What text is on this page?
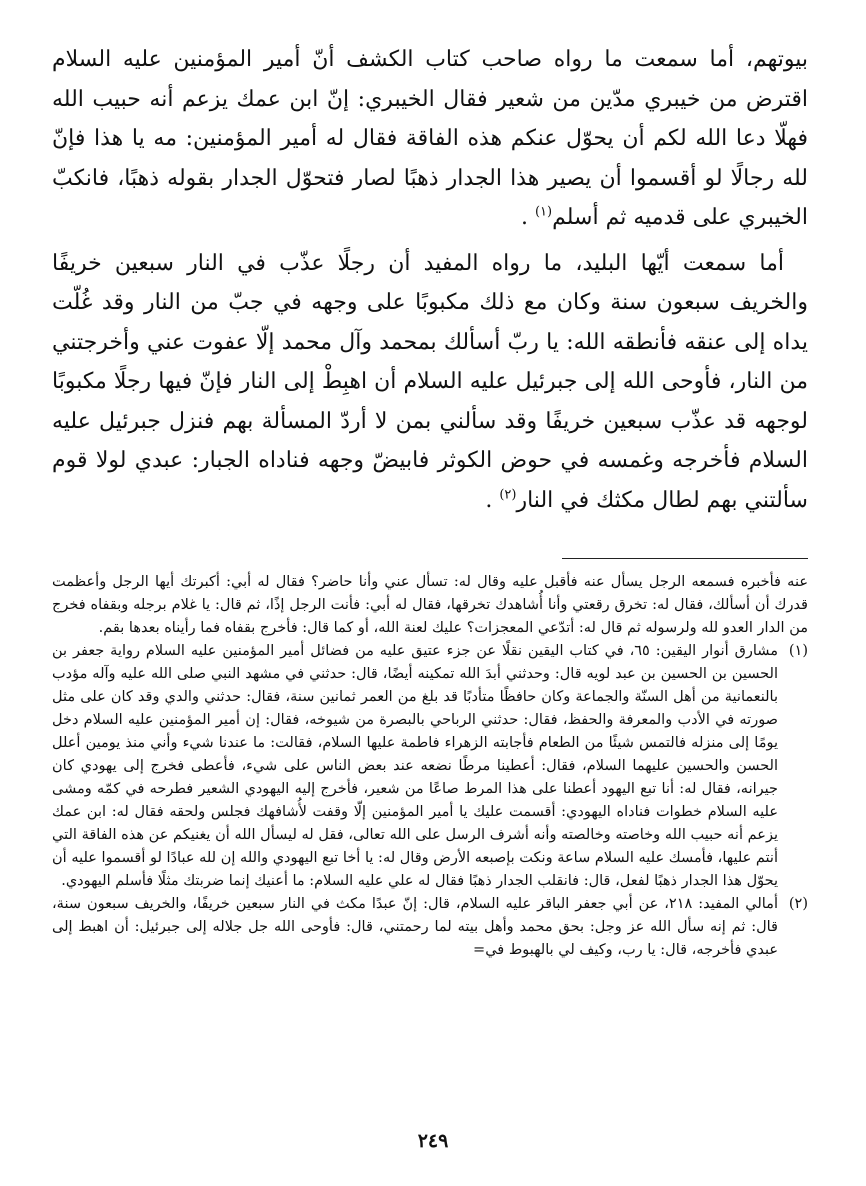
بيوتهم، أما سمعت ما رواه صاحب كتاب الكشف أنّ أمير المؤمنين عليه السلام اقترض من خيبري مدّين من شعير فقال الخيبري: إنّ ابن عمك يزعم أنه حبيب الله فهلّا دعا الله لكم أن يحوّل عنكم هذه الفاقة فقال له أمير المؤمنين: مه يا هذا فإنّ لله رجالًا لو أقسموا أن يصير هذا الجدار ذهبًا لصار فتحوّل الجدار بقوله ذهبًا، فانكبّ الخيبري على قدميه ثم أسلم$^{(١)}$ .

أما سمعت أيّها البليد، ما رواه المفيد أن رجلًا عذّب في النار سبعين خريفًا والخريف سبعون سنة وكان مع ذلك مكبوبًا على وجهه في جبّ من النار وقد غُلّت يداه إلى عنقه فأنطقه الله: يا ربّ أسألك بمحمد وآل محمد إلّا عفوت عني وأخرجتني من النار، فأوحى الله إلى جبرئيل عليه السلام أن اهبِطْ إلى النار فإنّ فيها رجلًا مكبوبًا لوجهه قد عذّب سبعين خريفًا وقد سألني بمن لا أردّ المسألة بهم فنزل جبرئيل عليه السلام فأخرجه وغمسه في حوض الكوثر فابيضّ وجهه فناداه الجبار: عبدي لولا قوم سألتني بهم لطال مكثك في النار$^{(٢)}$ .

عنه فأخبره فسمعه الرجل يسأل عنه فأقبل عليه وقال له: تسأل عني وأنا حاضر؟ فقال له أبي: أكبرتك أيها الرجل وأعظمت قدرك أن أسألك، فقال له: تخرق رقعتي وأنا أُشاهدك تخرقها، فقال له أبي: فأنت الرجل إذًا، ثم قال: يا غلام برجله وبقفاه فخرج من الدار العدو لله ولرسوله ثم قال له: أتدّعي المعجزات؟ عليك لعنة الله، أو كما قال: فأخرج بقفاه فما رأيناه بعدها بقم.

(١)

مشارق أنوار اليقين: ٦٥، في كتاب اليقين نقلًا عن جزء عتيق عليه من فضائل أمير المؤمنين عليه السلام رواية جعفر بن الحسين بن الحسين بن عبد لويه قال: وحدثني أبدَ الله تمكينه أيضًا، قال: حدثني في مشهد النبي صلى الله عليه وآله مؤدب بالنعمانية من أهل السنّة والجماعة وكان حافظًا متأدبًا قد بلغ من العمر ثمانين سنة، فقال: حدثني والدي وقد كان على مثل صورته في الأدب والمعرفة والحفظ، فقال: حدثني الرباحي بالبصرة من شيوخه، فقال: إن أمير المؤمنين عليه السلام دخل يومًا إلى منزله فالتمس شيئًا من الطعام فأجابته الزهراء فاطمة عليها السلام، فقالت: ما عندنا شيء وأني منذ يومين أعلل الحسن والحسين عليهما السلام، فقال: أعطينا مرطًا نضعه عند بعض الناس على شيء، فأعطى فخرج إلى يهودي كان جيرانه، فقال له: أنا تبع اليهود أعطنا على هذا المرط صاعًا من شعير، فأخرج إليه اليهودي الشعير فطرحه في كمّه ومشى عليه السلام خطوات فناداه اليهودي: أقسمت عليك يا أمير المؤمنين إلّا وقفت لأُشافهك فجلس ولحقه فقال له: ابن عمك يزعم أنه حبيب الله وخاصته وخالصته وأنه أشرف الرسل على الله تعالى، فقل له ليسأل الله أن يغنيكم عن هذه الفاقة التي أنتم عليها، فأمسك عليه السلام ساعة ونكت بإصبعه الأرض وقال له: يا أخا تبع اليهودي والله إن لله عبادًا لو أقسموا عليه أن يحوّل هذا الجدار ذهبًا لفعل، قال: فانقلب الجدار ذهبًا فقال له علي عليه السلام: ما أعنيك إنما ضربتك مثلًا فأسلم اليهودي.

(٢)

أمالي المفيد: ٢١٨، عن أبي جعفر الباقر عليه السلام، قال: إنّ عبدًا مكث في النار سبعين خريفًا، والخريف سبعون سنة، قال: ثم إنه سأل الله عز وجل: بحق محمد وأهل بيته لما رحمتني، قال: فأوحى الله جل جلاله إلى جبرئيل: أن اهبط إلى عبدي فأخرجه، قال: يا رب، وكيف لي بالهبوط في=

٢٤٩
